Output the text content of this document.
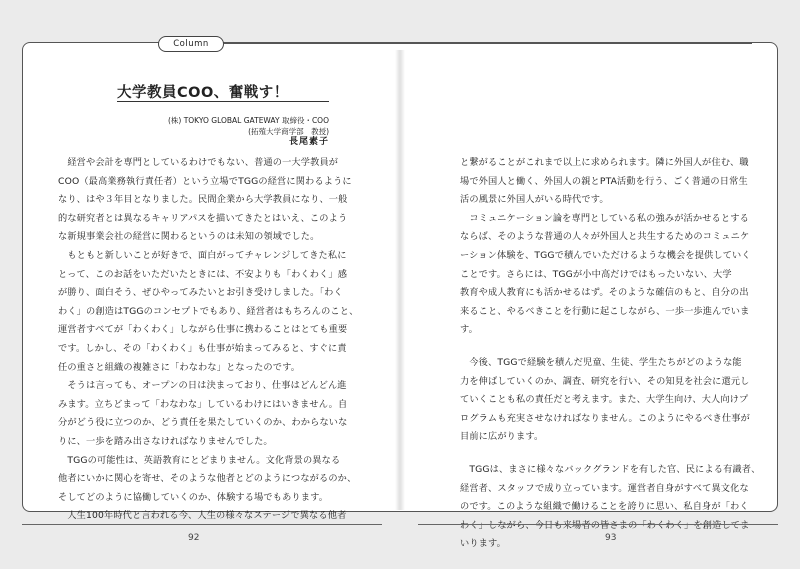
Column
大学教員COO、奮戦す！
(株) TOKYO GLOBAL GATEWAY 取締役・COO
(拓殖大学商学部　教授)
長尾素子
　経営や会計を専門としているわけでもない、普通の一大学教員が
COO（最高業務執行責任者）という立場でTGGの経営に関わるように
なり、はや３年目となりました。民間企業から大学教員になり、一般
的な研究者とは異なるキャリアパスを描いてきたとはいえ、このよう
な新規事業会社の経営に関わるというのは未知の領域でした。
　もともと新しいことが好きで、面白がってチャレンジしてきた私に
とって、このお話をいただいたときには、不安よりも「わくわく」感
が勝り、面白そう、ぜひやってみたいとお引き受けしました。「わく
わく」の創造はTGGのコンセプトでもあり、経営者はもちろんのこと、
運営者すべてが「わくわく」しながら仕事に携わることはとても重要
です。しかし、その「わくわく」も仕事が始まってみると、すぐに責
任の重さと組織の複雑さに「わなわな」となったのです。
　そうは言っても、オープンの日は決まっており、仕事はどんどん進
みます。立ちどまって「わなわな」しているわけにはいきません。自
分がどう役に立つのか、どう責任を果たしていくのか、わからないな
りに、一歩を踏み出さなければなりませんでした。
　TGGの可能性は、英語教育にとどまりません。文化背景の異なる
他者にいかに関心を寄せ、そのような他者とどのようにつながるのか、
そしてどのように協働していくのか、体験する場でもあります。
　人生100年時代と言われる今、人生の様々なステージで異なる他者
と繋がることがこれまで以上に求められます。隣に外国人が住む、職
場で外国人と働く、外国人の親とPTA活動を行う、ごく普通の日常生
活の風景に外国人がいる時代です。
　コミュニケーション論を専門としている私の強みが活かせるとする
ならば、そのような普通の人々が外国人と共生するためのコミュニケ
ーション体験を、TGGで積んでいただけるような機会を提供していく
ことです。さらには、TGGが小中高だけではもったいない、大学
教育や成人教育にも活かせるはず。そのような確信のもと、自分の出
来ること、やるべきことを行動に起こしながら、一歩一歩進んでいま
す。
　今後、TGGで経験を積んだ児童、生徒、学生たちがどのような能
力を伸ばしていくのか、調査、研究を行い、その知見を社会に還元し
ていくことも私の責任だと考えます。また、大学生向け、大人向けプ
ログラムも充実させなければなりません。このようにやるべき仕事が
目前に広がります。
　TGGは、まさに様々なバックグランドを有した官、民による有識者、
経営者、スタッフで成り立っています。運営者自身がすべて異文化な
のです。このような組織で働けることを誇りに思い、私自身が「わく
わく」しながら、今日も来場者の皆さまの「わくわく」を創造してま
いります。
92	93
